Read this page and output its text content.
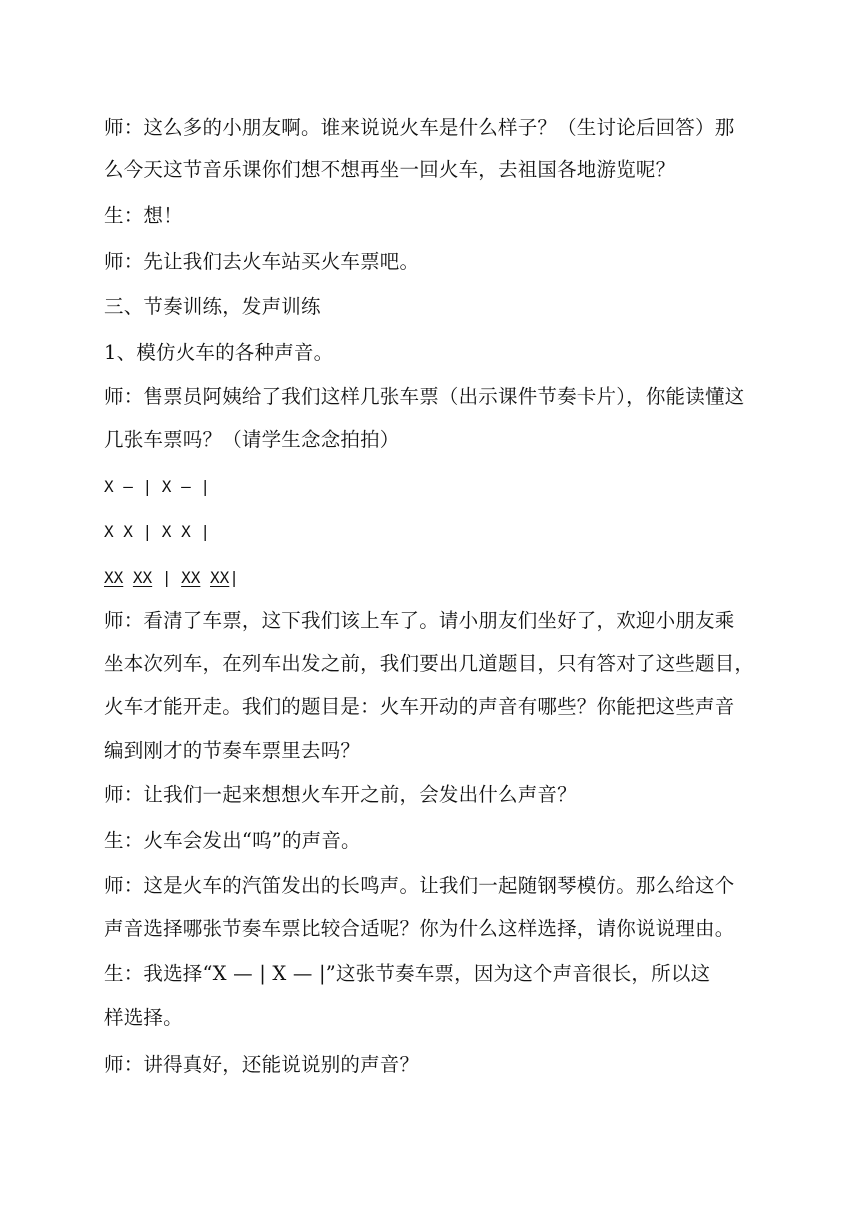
师：这么多的小朋友啊。谁来说说火车是什么样子？（生讨论后回答）那
么今天这节音乐课你们想不想再坐一回火车，去祖国各地游览呢？
生：想！
师：先让我们去火车站买火车票吧。
三、节奏训练，发声训练
1、模仿火车的各种声音。
师：售票员阿姨给了我们这样几张车票（出示课件节奏卡片），你能读懂这
几张车票吗？（请学生念念拍拍）
X — | X — |
X X | X X |
XX XX | XX XX|
师：看清了车票，这下我们该上车了。请小朋友们坐好了，欢迎小朋友乘
坐本次列车，在列车出发之前，我们要出几道题目，只有答对了这些题目，
火车才能开走。我们的题目是：火车开动的声音有哪些？你能把这些声音
编到刚才的节奏车票里去吗？
师：让我们一起来想想火车开之前，会发出什么声音？
生：火车会发出“呜”的声音。
师：这是火车的汽笛发出的长鸣声。让我们一起随钢琴模仿。那么给这个
声音选择哪张节奏车票比较合适呢？你为什么这样选择，请你说说理由。
生：我选择“X — | X — |”这张节奏车票，因为这个声音很长，所以这
样选择。
师：讲得真好，还能说说别的声音？
